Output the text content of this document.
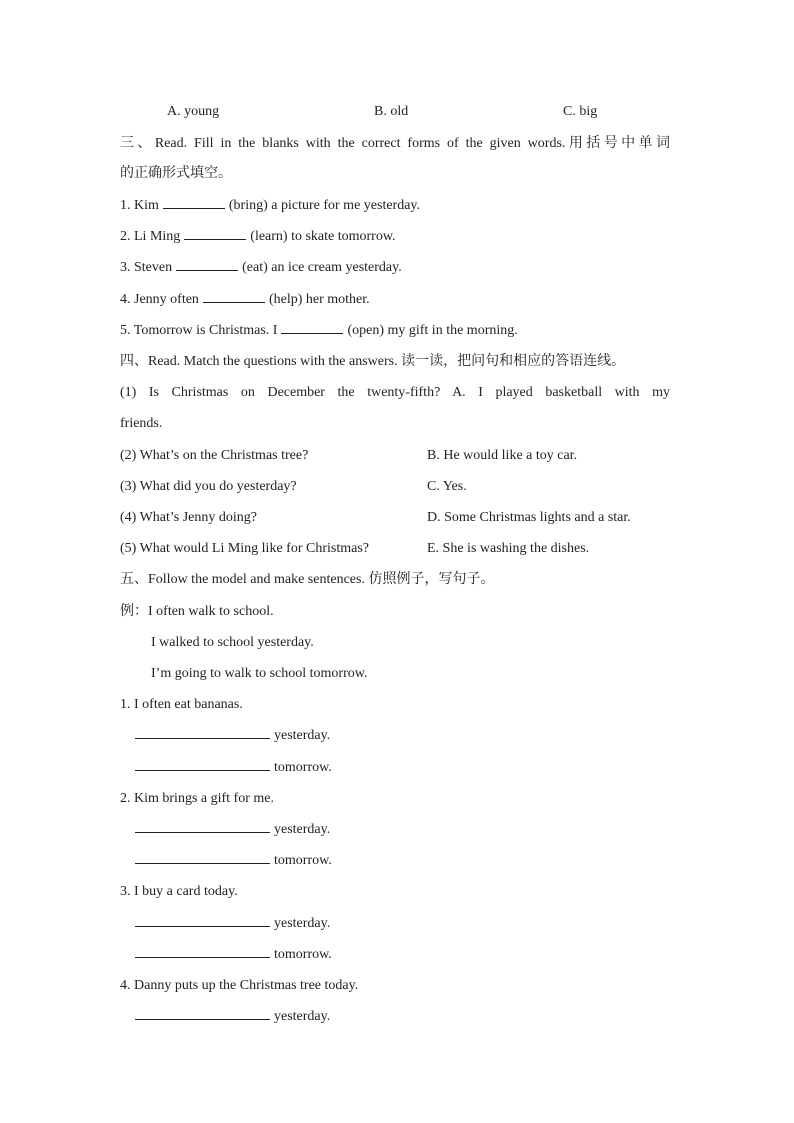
A. young	B. old	C. big
三、Read. Fill in the blanks with the correct forms of the given words.用括号中单词
的正确形式填空。
1. Kim	(bring) a picture for me yesterday.
2. Li Ming	(learn) to skate tomorrow.
3. Steven	(eat) an ice cream yesterday.
4. Jenny often	(help) her mother.
5. Tomorrow is Christmas. I	(open) my gift in the morning.
四、Read. Match the questions with the answers. 读一读，把问句和相应的答语连线。
(1) Is Christmas on December the twenty-fifth? A. I played basketball with my
friends.
(2) What’s on the Christmas tree?	B. He would like a toy car.
(3) What did you do yesterday?	C. Yes.
(4) What’s Jenny doing?	D. Some Christmas lights and a star.
(5) What would Li Ming like for Christmas?	E. She is washing the dishes.
五、Follow the model and make sentences. 仿照例子，写句子。
例：I often walk to school.
I walked to school yesterday.
I’m going to walk to school tomorrow.
1. I often eat bananas.
yesterday.
tomorrow.
2. Kim brings a gift for me.
yesterday.
tomorrow.
3. I buy a card today.
yesterday.
tomorrow.
4. Danny puts up the Christmas tree today.
yesterday.
